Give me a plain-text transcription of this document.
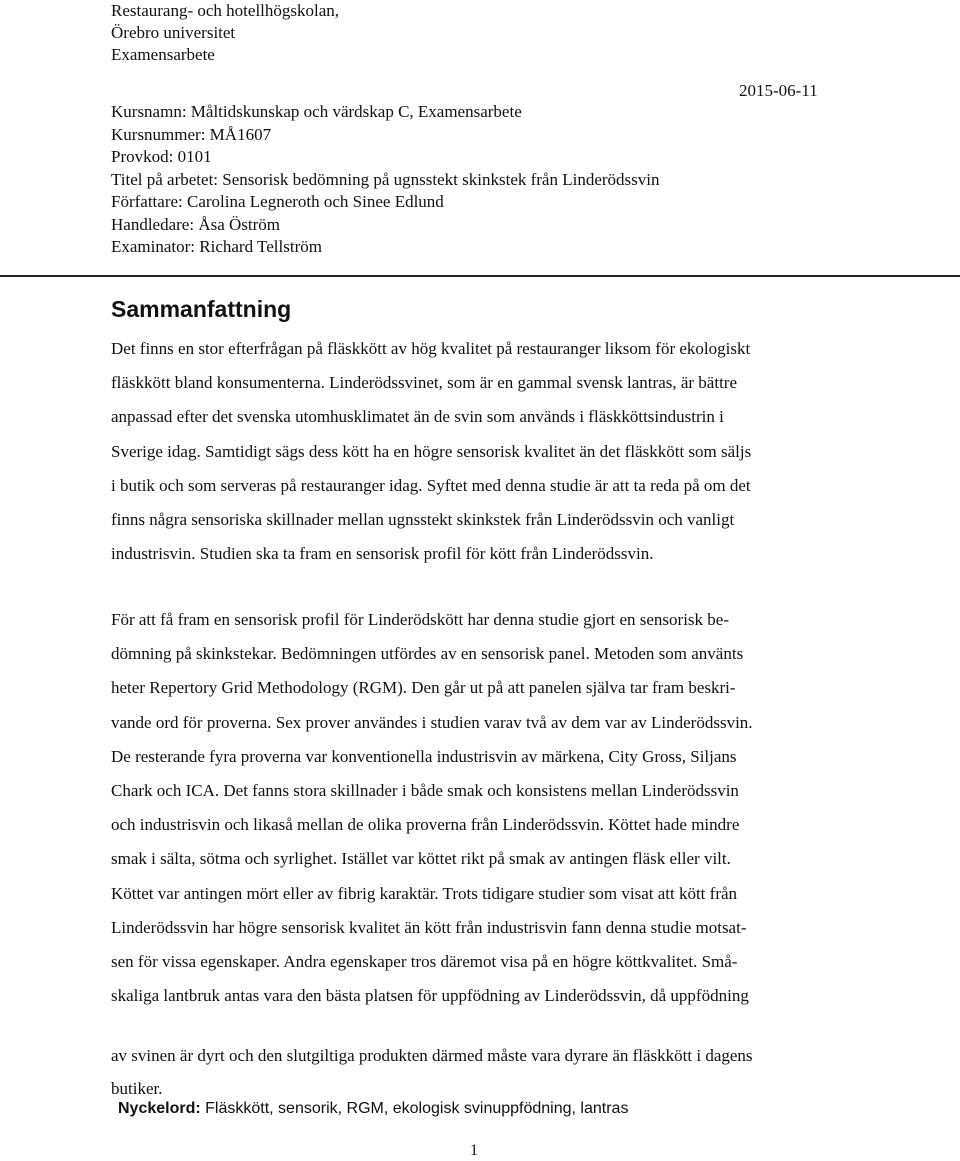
Restaurang- och hotellhögskolan,
Örebro universitet
Examensarbete
2015-06-11
Kursnamn: Måltidskunskap och värdskap C, Examensarbete
Kursnummer: MÅ1607
Provkod: 0101
Titel på arbetet: Sensorisk bedömning på ugnsstekt skinkstek från Linderödssvin
Författare: Carolina Legneroth och Sinee Edlund
Handledare: Åsa Öström
Examinator: Richard Tellström
Sammanfattning

Det finns en stor efterfrågan på fläskkött av hög kvalitet på restauranger liksom för ekologiskt
fläskkött bland konsumenterna. Linderödssvinet, som är en gammal svensk lantras, är bättre
anpassad efter det svenska utomhusklimatet än de svin som används i fläskköttsindustrin i
Sverige idag. Samtidigt sägs dess kött ha en högre sensorisk kvalitet än det fläskkött som säljs
i butik och som serveras på restauranger idag. Syftet med denna studie är att ta reda på om det
finns några sensoriska skillnader mellan ugnsstekt skinkstek från Linderödssvin och vanligt
industrisvin. Studien ska ta fram en sensorisk profil för kött från Linderödssvin.

För att få fram en sensorisk profil för Linderödskött har denna studie gjort en sensorisk be-
dömning på skinkstekar. Bedömningen utfördes av en sensorisk panel. Metoden som använts
heter Repertory Grid Methodology (RGM). Den går ut på att panelen själva tar fram beskri-
vande ord för proverna. Sex prover användes i studien varav två av dem var av Linderödssvin.
De resterande fyra proverna var konventionella industrisvin av märkena, City Gross, Siljans
Chark och ICA. Det fanns stora skillnader i både smak och konsistens mellan Linderödssvin
och industrisvin och likaså mellan de olika proverna från Linderödssvin. Köttet hade mindre
smak i sälta, sötma och syrlighet. Istället var köttet rikt på smak av antingen fläsk eller vilt.
Köttet var antingen mört eller av fibrig karaktär. Trots tidigare studier som visat att kött från
Linderödssvin har högre sensorisk kvalitet än kött från industrisvin fann denna studie motsat-
sen för vissa egenskaper. Andra egenskaper tros däremot visa på en högre köttkvalitet. Små-
skaliga lantbruk antas vara den bästa platsen för uppfödning av Linderödssvin, då uppfödning

av svinen är dyrt och den slutgiltiga produkten därmed måste vara dyrare än fläskkött i dagens

butiker.

Nyckelord: Fläskkött, sensorik, RGM, ekologisk svinuppfödning, lantras
1
